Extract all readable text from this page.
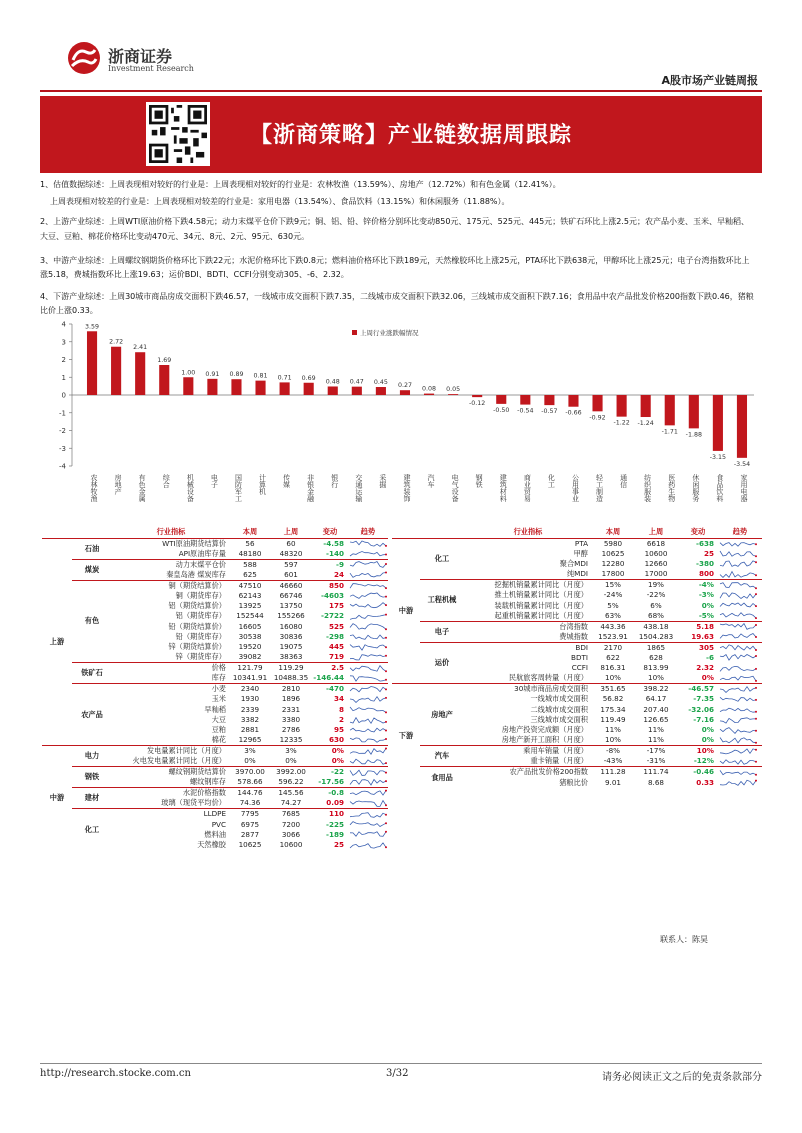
浙商证券
Investment Research
A股市场产业链周报
【浙商策略】产业链数据周跟踪
1、估值数据综述：上周表现相对较好的行业是：上周表现相对较好的行业是：农林牧渔（13.59%）、房地产（12.72%）和有色金属（12.41%）。
上周表现相对较差的行业是：上周表现相对较差的行业是：家用电器（13.54%）、食品饮料（13.15%）和休闲服务（11.88%）。
2、上游产业综述：上周WTI原油价格下跌4.58元；动力末煤平仓价下跌9元；铜、铝、铅、锌价格分别环比变动850元、175元、525元、445元；铁矿石环比上涨2.5元；农产品小麦、玉米、早籼稻、
大豆、豆粕、棉花价格环比变动470元、34元、8元、2元、95元、630元。
3、中游产业综述：上周螺纹钢期货价格环比下跌22元；水泥价格环比下跌0.8元；燃料油价格环比下跌189元，天然橡胶环比上涨25元，PTA环比下跌638元，甲醇环比上涨25元；电子台湾指数环比上
涨5.18，费城指数环比上涨19.63；运价BDI、BDTI、CCFI分别变动305、-6、2.32。
4、下游产业综述：上周30城市商品房成交面积下跌46.57，一线城市成交面积下跌7.35，二线城市成交面积下跌32.06，三线城市成交面积下跌7.16；食用品中农产品批发价格200指数下跌0.46，猪粮
比价上涨0.33。
4
3
2
1
0
-1
-2
-3
-4
3.59
农林牧渔
2.72
房地产
2.41
有色金属
1.69
综合
1.00
机械设备
0.91
电子
0.89
国防军工
0.81
计算机
0.71
传媒
0.69
非银金融
0.48
银行
0.47
交通运输
0.45
采掘
0.27
建筑装饰
0.08
汽车
0.05
电气设备
-0.12
钢铁
-0.50
建筑材料
-0.54
商业贸易
-0.57
化工
-0.66
公用事业
-0.92
轻工制造
-1.22
通信
-1.24
纺织服装
-1.71
医药生物
-1.88
休闲服务
-3.15
食品饮料
-3.54
家用电器
上周行业涨跌幅情况
		行业指标	本周	上周	变动	趋势
上游	石油	WTI原油期货结算价	56	60	-4.58	

		API原油库存量	48180	48320	-140	

	煤炭	动力末煤平仓价	588	597	-9	

		秦皇岛港 煤炭库存	625	601	24	

	有色	铜（期货结算价）	47510	46660	850	

		铜（期货库存）	62143	66746	-4603	

		铝（期货结算价）	13925	13750	175	

		铝（期货库存）	152544	155266	-2722	

		铅（期货结算价）	16605	16080	525	

		铅（期货库存）	30538	30836	-298	

		锌（期货结算价）	19520	19075	445	

		锌（期货库存）	39082	38363	719	

	铁矿石	价格	121.79	119.29	2.5	

		库存	10341.91	10488.35	-146.44	

	农产品	小麦	2340	2810	-470	

		玉米	1930	1896	34	

		早籼稻	2339	2331	8	

		大豆	3382	3380	2	

		豆粕	2881	2786	95	

		棉花	12965	12335	630	

中游	电力	发电量累计同比（月度）	3%	3%	0%	

		火电发电量累计同比（月度）	0%	0%	0%	

	钢铁	螺纹钢期货结算价	3970.00	3992.00	-22	

		螺纹钢库存	578.66	596.22	-17.56	

	建材	水泥价格指数	144.76	145.56	-0.8	

		玻璃（现货平均价）	74.36	74.27	0.09	

	化工	LLDPE	7795	7685	110	

		PVC	6975	7200	-225	

		燃料油	2877	3066	-189	

		天然橡胶	10625	10600	25	
		行业指标	本周	上周	变动	趋势
中游	化工	PTA	5980	6618	-638	

		甲醇	10625	10600	25	

		聚合MDI	12280	12660	-380	

		纯MDI	17800	17000	800	

	工程机械	挖掘机销量累计同比（月度）	15%	19%	-4%	

		推土机销量累计同比（月度）	-24%	-22%	-3%	

		装载机销量累计同比（月度）	5%	6%	0%	

		起重机销量累计同比（月度）	63%	68%	-5%	

	电子	台湾指数	443.36	438.18	5.18	

		费城指数	1523.91	1504.283	19.63	

	运价	BDI	2170	1865	305	

		BDTI	622	628	-6	

		CCFI	816.31	813.99	2.32	

		民航旅客周转量（月度）	10%	10%	0%	

下游	房地产	30城市商品房成交面积	351.65	398.22	-46.57	

		一线城市成交面积	56.82	64.17	-7.35	

		二线城市成交面积	175.34	207.40	-32.06	

		三线城市成交面积	119.49	126.65	-7.16	

		房地产投资完成额（月度）	11%	11%	0%	

		房地产新开工面积（月度）	10%	11%	0%	

	汽车	乘用车销量（月度）	-8%	-17%	10%	

		重卡销量（月度）	-43%	-31%	-12%	

	食用品	农产品批发价格200指数	111.28	111.74	-0.46	

		猪粮比价	9.01	8.68	0.33	
联系人：陈昊
http://research.stocke.com.cn	3/32	请务必阅读正文之后的免责条款部分
